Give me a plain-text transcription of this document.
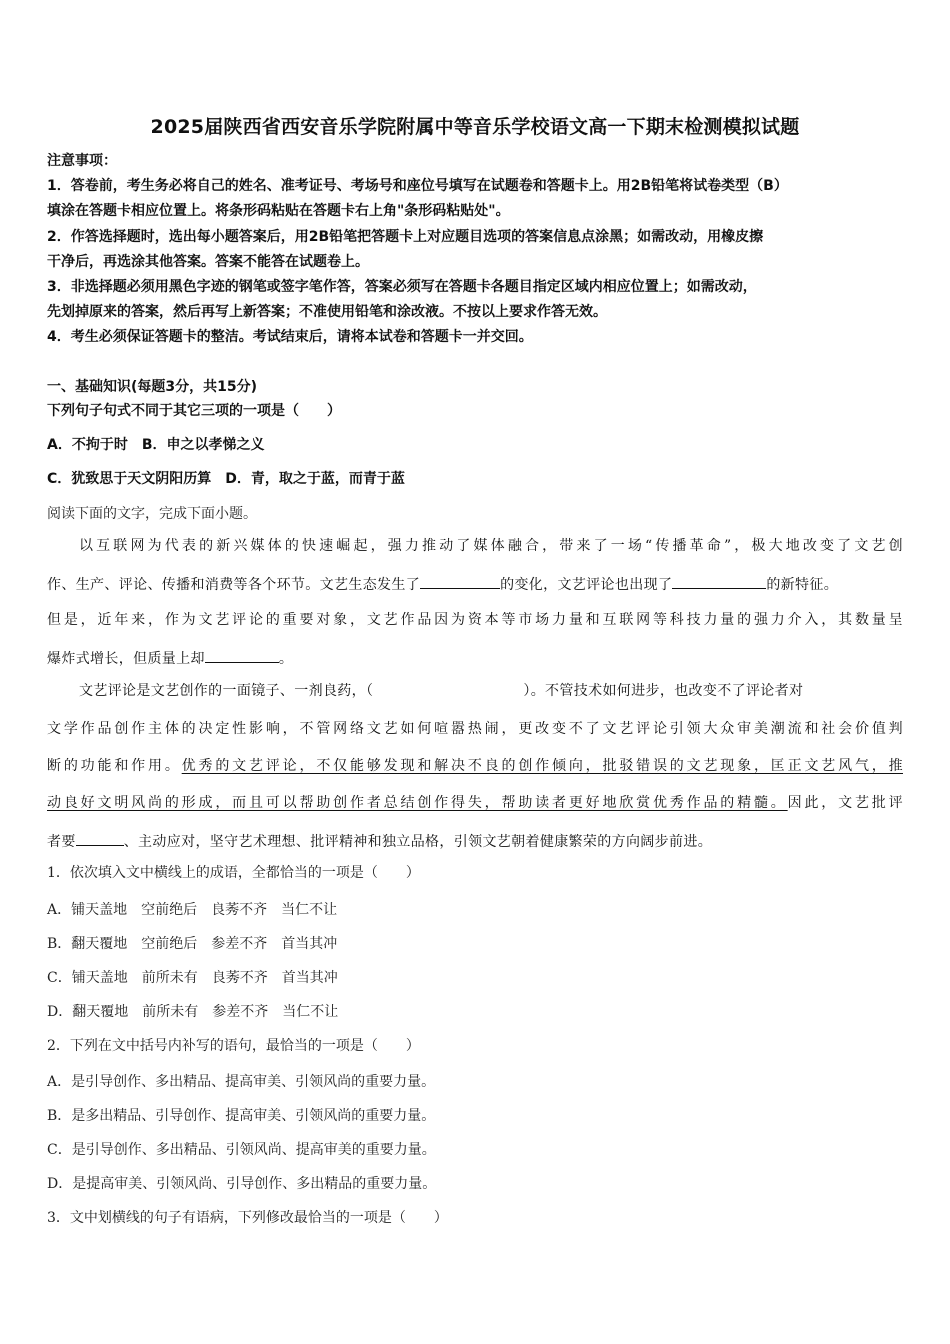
2025届陕西省西安音乐学院附属中等音乐学校语文高一下期末检测模拟试题
注意事项：
1．答卷前，考生务必将自己的姓名、准考证号、考场号和座位号填写在试题卷和答题卡上。用2B铅笔将试卷类型（B）
填涂在答题卡相应位置上。将条形码粘贴在答题卡右上角"条形码粘贴处"。
2．作答选择题时，选出每小题答案后，用2B铅笔把答题卡上对应题目选项的答案信息点涂黑；如需改动，用橡皮擦
干净后，再选涂其他答案。答案不能答在试题卷上。
3．非选择题必须用黑色字迹的钢笔或签字笔作答，答案必须写在答题卡各题目指定区域内相应位置上；如需改动，
先划掉原来的答案，然后再写上新答案；不准使用铅笔和涂改液。不按以上要求作答无效。
4．考生必须保证答题卡的整洁。考试结束后，请将本试卷和答题卡一并交回。
一、基础知识(每题3分，共15分)
下列句子句式不同于其它三项的一项是（　　）
A．不拘于时　B．申之以孝悌之义
C．犹致思于天文阴阳历算　D．青，取之于蓝，而青于蓝
阅读下面的文字，完成下面小题。
以互联网为代表的新兴媒体的快速崛起，强力推动了媒体融合，带来了一场“传播革命”，极大地改变了文艺创
作、生产、评论、传播和消费等各个环节。文艺生态发生了	的变化，文艺评论也出现了	的新特征。
但是，近年来，作为文艺评论的重要对象，文艺作品因为资本等市场力量和互联网等科技力量的强力介入，其数量呈
爆炸式增长，但质量上却	。
文艺评论是文艺创作的一面镜子、一剂良药，（	）。不管技术如何进步，也改变不了评论者对
文学作品创作主体的决定性影响，不管网络文艺如何喧嚣热闹，更改变不了文艺评论引领大众审美潮流和社会价值判
断的功能和作用。优秀的文艺评论，不仅能够发现和解决不良的创作倾向，批驳错误的文艺现象，匡正文艺风气，推
动良好文明风尚的形成，而且可以帮助创作者总结创作得失，帮助读者更好地欣赏优秀作品的精髓。因此，文艺批评
者要	、主动应对，坚守艺术理想、批评精神和独立品格，引领文艺朝着健康繁荣的方向阔步前进。
1．依次填入文中横线上的成语，全都恰当的一项是（　　）
A．铺天盖地　空前绝后　良莠不齐　当仁不让
B．翻天覆地　空前绝后　参差不齐　首当其冲
C．铺天盖地　前所未有　良莠不齐　首当其冲
D．翻天覆地　前所未有　参差不齐　当仁不让
2．下列在文中括号内补写的语句，最恰当的一项是（　　）
A．是引导创作、多出精品、提高审美、引领风尚的重要力量。
B．是多出精品、引导创作、提高审美、引领风尚的重要力量。
C．是引导创作、多出精品、引领风尚、提高审美的重要力量。
D．是提高审美、引领风尚、引导创作、多出精品的重要力量。
3．文中划横线的句子有语病，下列修改最恰当的一项是（　　）
